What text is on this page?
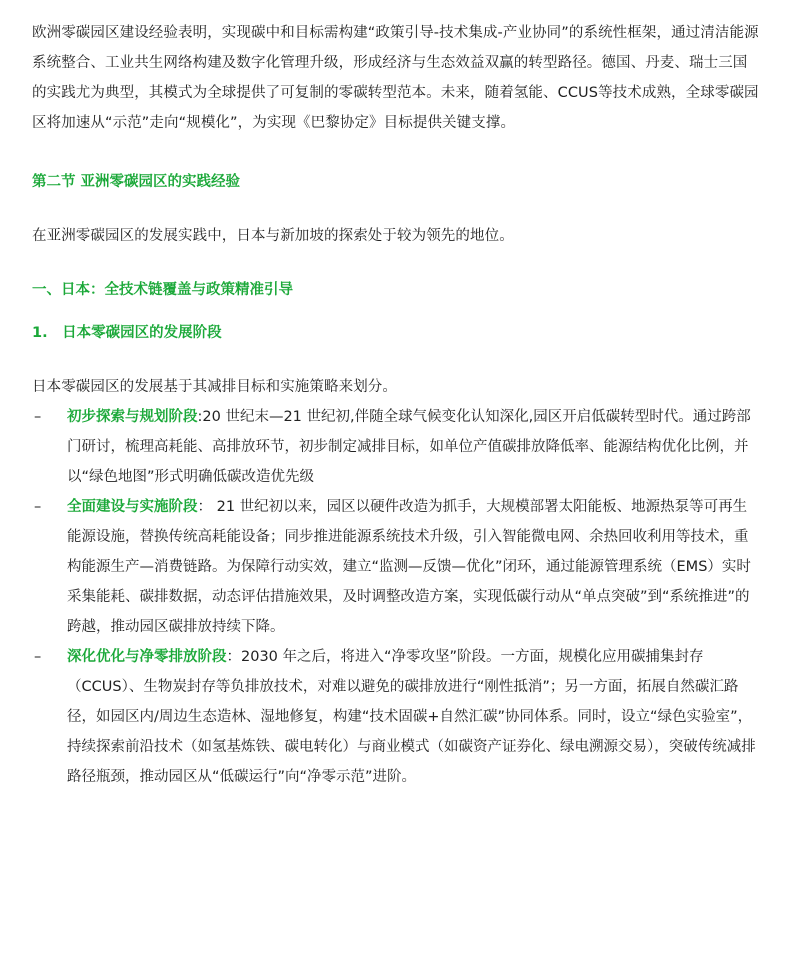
欧洲零碳园区建设经验表明，实现碳中和目标需构建“政策引导-技术集成-产业协同”的系统性框架，通过清洁能源系统整合、工业共生网络构建及数字化管理升级，形成经济与生态效益双赢的转型路径。德国、丹麦、瑞士三国的实践尤为典型，其模式为全球提供了可复制的零碳转型范本。未来，随着氢能、CCUS等技术成熟，全球零碳园区将加速从“示范”走向“规模化”，为实现《巴黎协定》目标提供关键支撑。

第二节 亚洲零碳园区的实践经验

在亚洲零碳园区的发展实践中，日本与新加坡的探索处于较为领先的地位。

一、日本：全技术链覆盖与政策精准引导

1.　日本零碳园区的发展阶段

日本零碳园区的发展基于其减排目标和实施策略来划分。

– 初步探索与规划阶段:20 世纪末—21 世纪初,伴随全球气候变化认知深化,园区开启低碳转型时代。通过跨部门研讨，梳理高耗能、高排放环节，初步制定减排目标，如单位产值碳排放降低率、能源结构优化比例，并以“绿色地图”形式明确低碳改造优先级
– 全面建设与实施阶段： 21 世纪初以来，园区以硬件改造为抓手，大规模部署太阳能板、地源热泵等可再生能源设施，替换传统高耗能设备；同步推进能源系统技术升级，引入智能微电网、余热回收利用等技术，重构能源生产—消费链路。为保障行动实效，建立“监测—反馈—优化”闭环，通过能源管理系统（EMS）实时采集能耗、碳排数据，动态评估措施效果，及时调整改造方案，实现低碳行动从“单点突破”到“系统推进”的跨越，推动园区碳排放持续下降。
– 深化优化与净零排放阶段：2030 年之后，将进入“净零攻坚”阶段。一方面，规模化应用碳捕集封存（CCUS）、生物炭封存等负排放技术，对难以避免的碳排放进行“刚性抵消”；另一方面，拓展自然碳汇路径，如园区内/周边生态造林、湿地修复，构建“技术固碳+自然汇碳”协同体系。同时，设立“绿色实验室”，持续探索前沿技术（如氢基炼铁、碳电转化）与商业模式（如碳资产证券化、绿电溯源交易），突破传统减排路径瓶颈，推动园区从“低碳运行”向“净零示范”进阶。
